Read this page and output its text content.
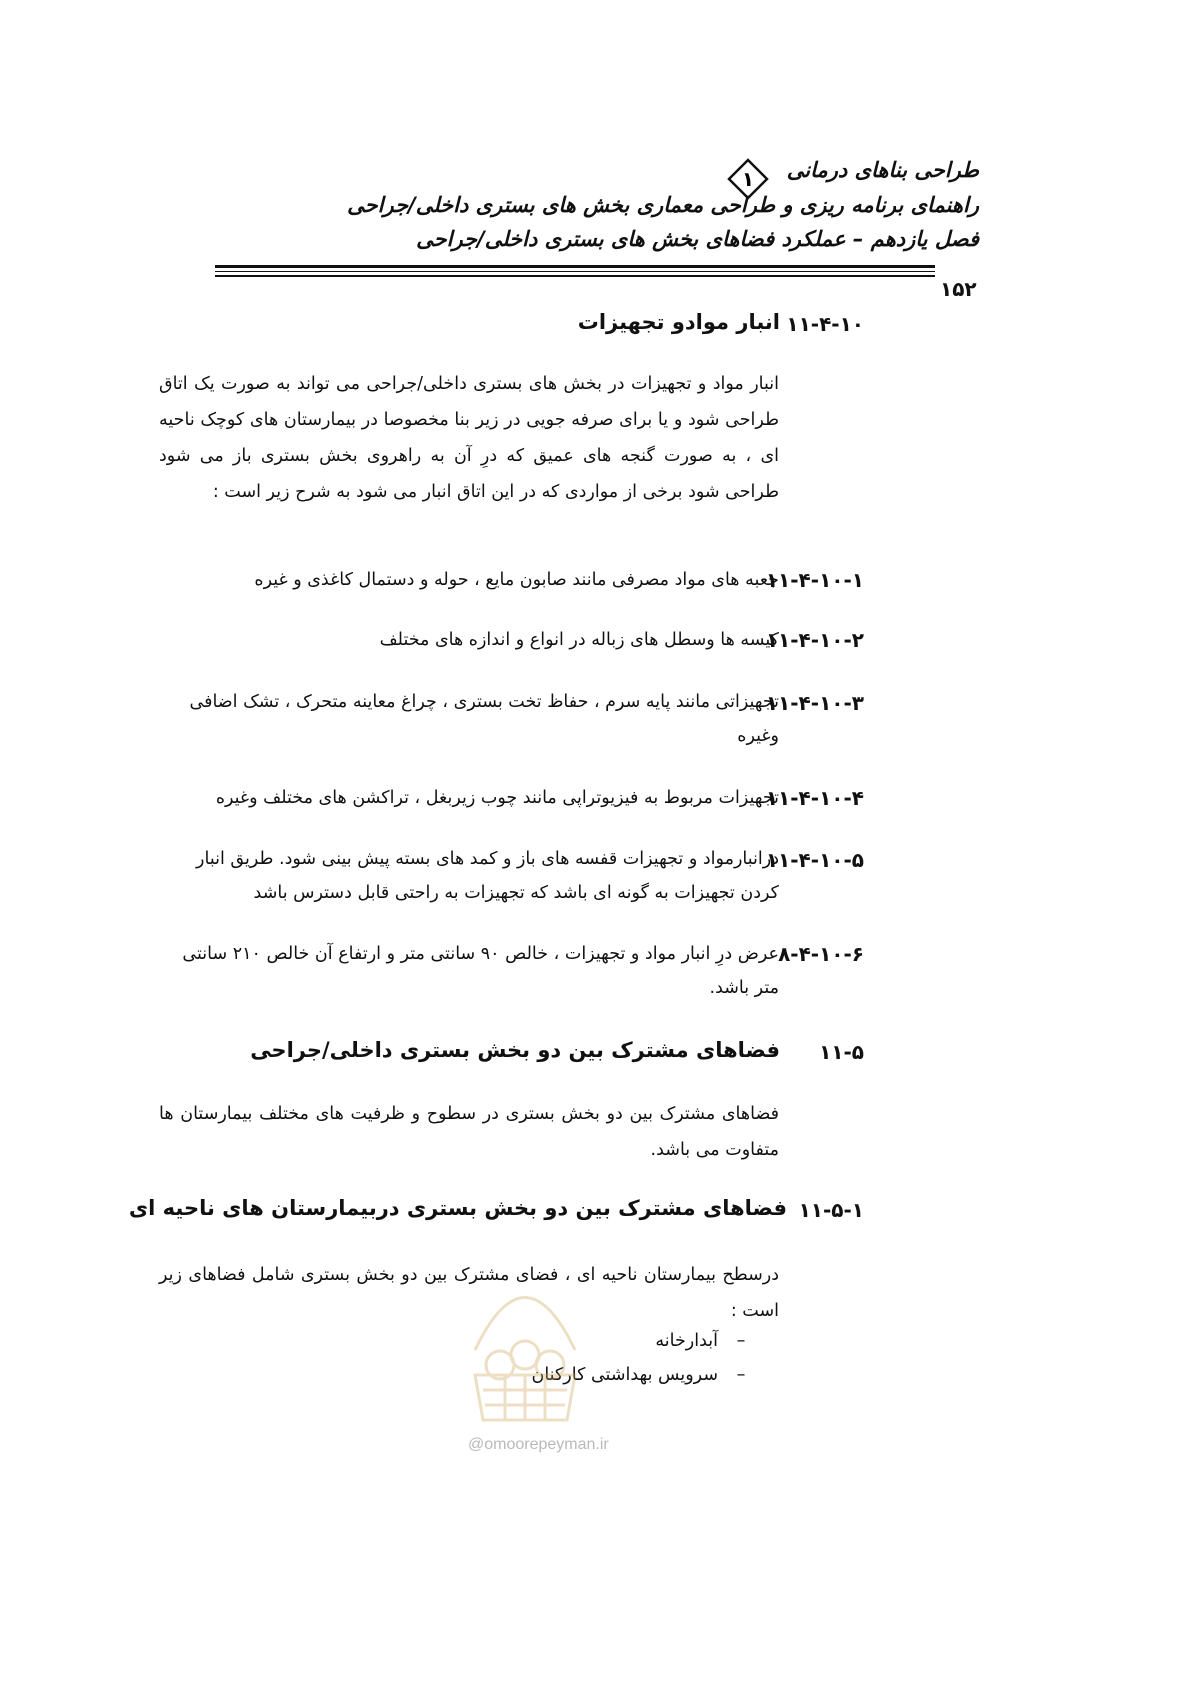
طراحی بناهای درمانی
۱
راهنمای برنامه ریزی و طراحی معماری بخش های بستری داخلی/جراحی
فصل یازدهم – عملکرد فضاهای بخش های بستری داخلی/جراحی
۱۵۲
۱۱-۴-۱۰
انبار موادو تجهیزات
انبار مواد و تجهیزات در بخش های بستری داخلی/جراحی می تواند به صورت یک اتاق طراحی شود و یا برای صرفه جویی در زیر بنا مخصوصا در بیمارستان های کوچک ناحیه ای ، به صورت گنجه های عمیق که درِ آن به راهروی بخش بستری باز می شود طراحی شود برخی از مواردی که در این اتاق انبار می شود به شرح زیر است :
۱۱-۴-۱۰-۱
جعبه های مواد مصرفی مانند صابون مایع ، حوله و دستمال کاغذی و غیره
۱۱-۴-۱۰-۲
کیسه ها وسطل های زباله در انواع و اندازه های مختلف
۱۱-۴-۱۰-۳
تجهیزاتی مانند پایه سرم ، حفاظ تخت بستری ، چراغ معاینه متحرک ، تشک اضافی وغیره
۱۱-۴-۱۰-۴
تجهیزات مربوط به فیزیوتراپی مانند چوب زیربغل ، تراکشن های مختلف وغیره
۱۱-۴-۱۰-۵
درانبارمواد و تجهیزات قفسه های باز و کمد های بسته پیش بینی شود. طریق انبار کردن تجهیزات به گونه ای باشد که تجهیزات به راحتی قابل دسترس باشد
۸-۴-۱۰-۶
عرض درِ انبار مواد و تجهیزات ، خالص ۹۰ سانتی متر و ارتفاع آن خالص ۲۱۰ سانتی متر باشد.
۱۱-۵
فضاهای مشترک بین دو بخش بستری داخلی/جراحی
فضاهای مشترک بین دو بخش بستری در سطوح و ظرفیت های مختلف بیمارستان ها متفاوت می باشد.
۱۱-۵-۱
فضاهای مشترک بین دو بخش بستری دربیمارستان های ناحیه ای
درسطح بیمارستان ناحیه ای ، فضای مشترک بین دو بخش بستری شامل فضاهای زیر است :
–
آبدارخانه
–
سرویس بهداشتی کارکنان
@omoorepeyman.ir
